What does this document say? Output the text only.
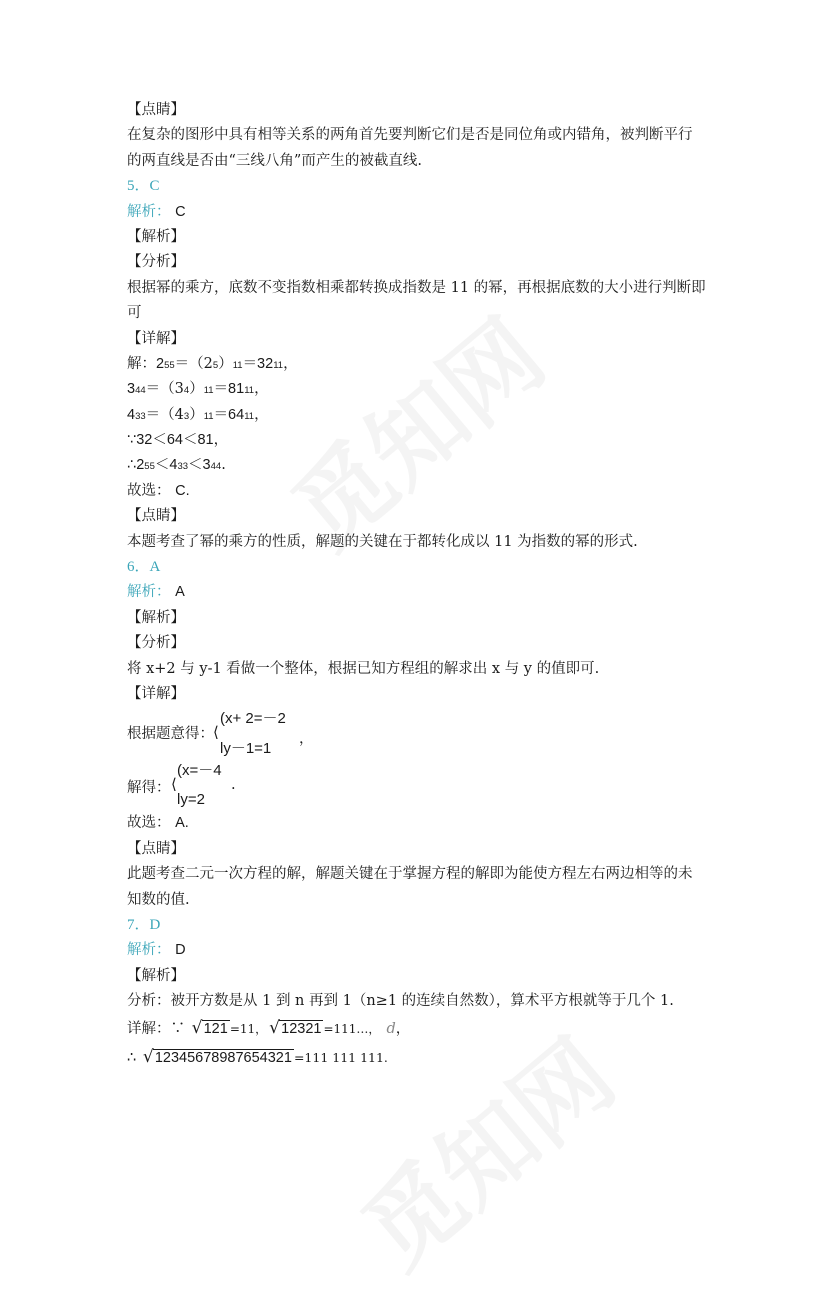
【点睛】
在复杂的图形中具有相等关系的两角首先要判断它们是否是同位角或内错角，被判断平行
的两直线是否由“三线八角”而产生的被截直线.
5．C
解析： C
【解析】
【分析】
根据幂的乘方，底数不变指数相乘都转换成指数是 11 的幂，再根据底数的大小进行判断即
可
【详解】
解：255＝（25）11＝3211，
344＝（34）11＝8111，
433＝（43）11＝6411，
∵32＜64＜81，
∴255＜433＜344.
故选： C.
【点睛】
本题考查了幂的乘方的性质，解题的关键在于都转化成以 11 为指数的幂的形式.
6．A
解析： A
【解析】
【分析】
将 x+2 与 y-1 看做一个整体，根据已知方程组的解求出 x 与 y 的值即可.
【详解】
根据题意得： ⟨
(x+ 2=－2
ly－1=1
，
解得： ⟨
(x=－4
ly=2
.
故选： A.
【点睛】
此题考查二元一次方程的解，解题关键在于掌握方程的解即为能使方程左右两边相等的未
知数的值.
7．D
解析： D
【解析】
分析：被开方数是从 1 到 n 再到 1（n≥1 的连续自然数），算术平方根就等于几个 1.
详解：∵ √ 121 =11， √ 12321 =111…， d，
∴ √ 12345678987654321 =111 111 111.
